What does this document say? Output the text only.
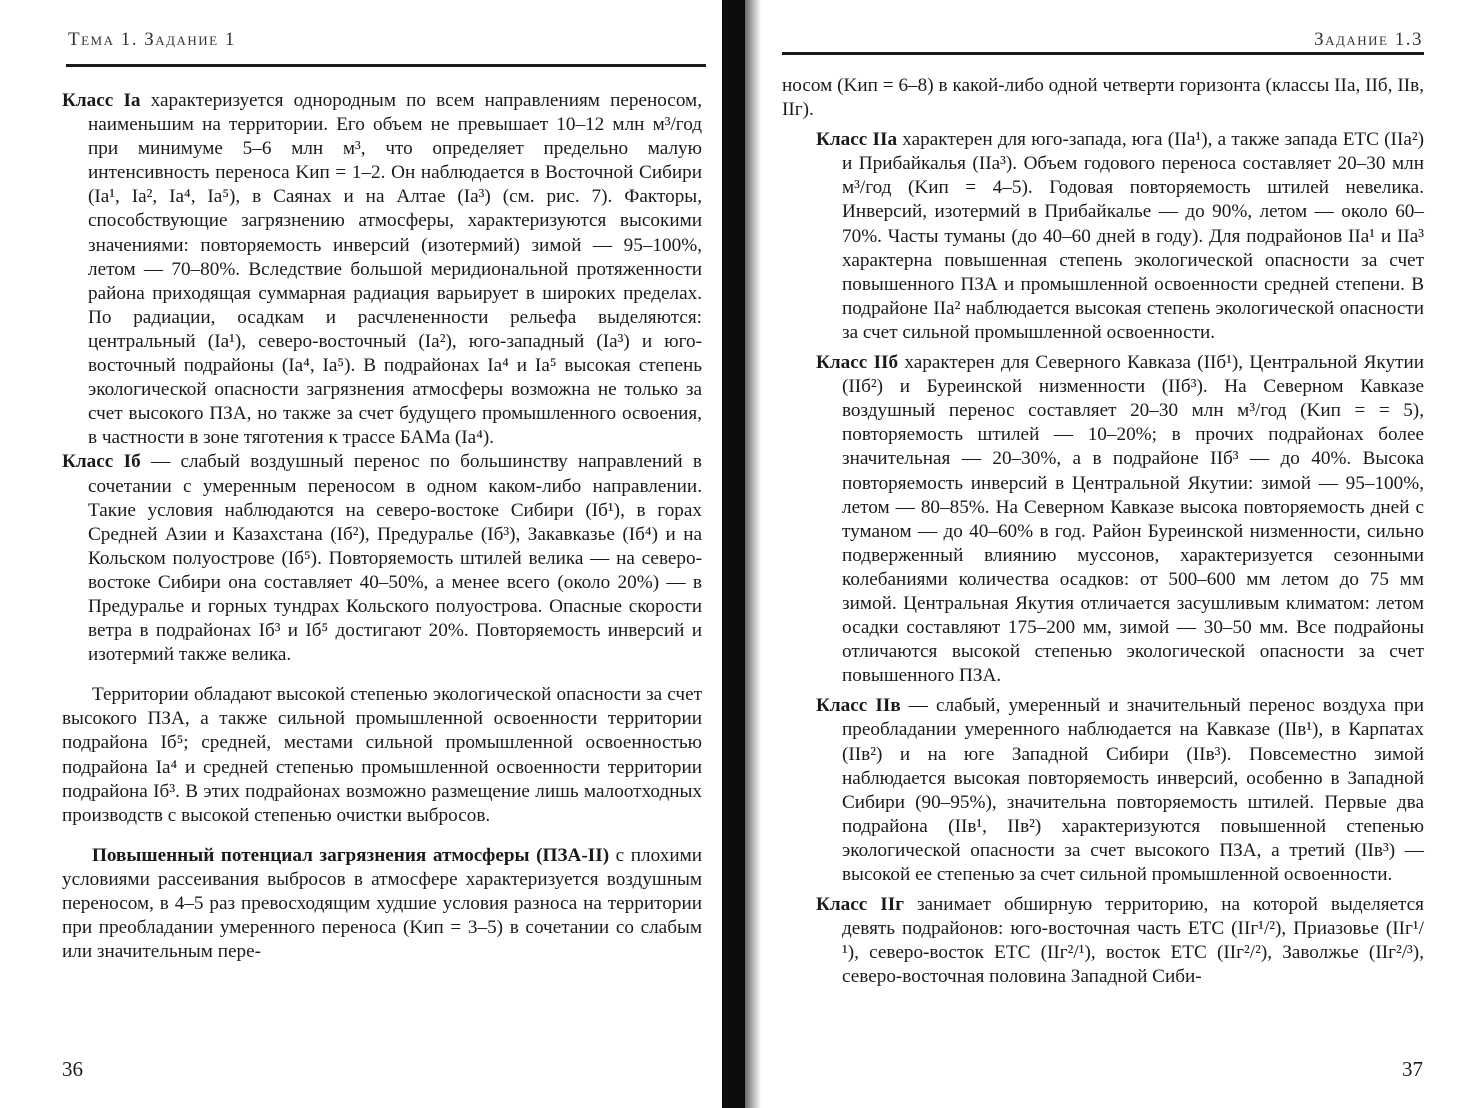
Тема 1. Задание 1

Класс Ia характеризуется однородным по всем направлениям переносом, наименьшим на территории. Его объем не превышает 10–12 млн м³/год при минимуме 5–6 млн м³, что определяет предельно малую интенсивность переноса Kип = 1–2. Он наблюдается в Восточной Сибири (Ia¹, Ia², Ia⁴, Ia⁵), в Саянах и на Алтае (Ia³) (см. рис. 7). Факторы, способствующие загрязнению атмосферы, характеризуются высокими значениями: повторяемость инверсий (изотермий) зимой — 95–100%, летом — 70–80%. Вследствие большой меридиональной протяженности района приходящая суммарная радиация варьирует в широких пределах. По радиации, осадкам и расчлененности рельефа выделяются: центральный (Ia¹), северо-восточный (Ia²), юго-западный (Ia³) и юго-восточный подрайоны (Ia⁴, Ia⁵). В подрайонах Ia⁴ и Ia⁵ высокая степень экологической опасности загрязнения атмосферы возможна не только за счет высокого ПЗА, но также за счет будущего промышленного освоения, в частности в зоне тяготения к трассе БАМа (Ia⁴).

Класс Iб — слабый воздушный перенос по большинству направлений в сочетании с умеренным переносом в одном каком-либо направлении. Такие условия наблюдаются на северо-востоке Сибири (Iб¹), в горах Средней Азии и Казахстана (Iб²), Предуралье (Iб³), Закавказье (Iб⁴) и на Кольском полуострове (Iб⁵). Повторяемость штилей велика — на северо-востоке Сибири она составляет 40–50%, а менее всего (около 20%) — в Предуралье и горных тундрах Кольского полуострова. Опасные скорости ветра в подрайонах Iб³ и Iб⁵ достигают 20%. Повторяемость инверсий и изотермий также велика.

Территории обладают высокой степенью экологической опасности за счет высокого ПЗА, а также сильной промышленной освоенности территории подрайона Iб⁵; средней, местами сильной промышленной освоенностью подрайона Ia⁴ и средней степенью промышленной освоенности территории подрайона Iб³. В этих подрайонах возможно размещение лишь малоотходных производств с высокой степенью очистки выбросов.

Повышенный потенциал загрязнения атмосферы (ПЗА-II) с плохими условиями рассеивания выбросов в атмосфере характеризуется воздушным переносом, в 4–5 раз превосходящим худшие условия разноса на территории при преобладании умеренного переноса (Kип = 3–5) в сочетании со слабым или значительным пере-

36
Задание 1.3

носом (Kип = 6–8) в какой-либо одной четверти горизонта (классы IIa, IIб, IIв, IIг).

Класс IIa характерен для юго-запада, юга (IIa¹), а также запада ЕТС (IIa²) и Прибайкалья (IIa³). Объем годового переноса составляет 20–30 млн м³/год (Kип = 4–5). Годовая повторяемость штилей невелика. Инверсий, изотермий в Прибайкалье — до 90%, летом — около 60–70%. Часты туманы (до 40–60 дней в году). Для подрайонов IIa¹ и IIa³ характерна повышенная степень экологической опасности за счет повышенного ПЗА и промышленной освоенности средней степени. В подрайоне IIa² наблюдается высокая степень экологической опасности за счет сильной промышленной освоенности.

Класс IIб характерен для Северного Кавказа (IIб¹), Центральной Якутии (IIб²) и Буреинской низменности (IIб³). На Северном Кавказе воздушный перенос составляет 20–30 млн м³/год (Kип = = 5), повторяемость штилей — 10–20%; в прочих подрайонах более значительная — 20–30%, а в подрайоне IIб³ — до 40%. Высока повторяемость инверсий в Центральной Якутии: зимой — 95–100%, летом — 80–85%. На Северном Кавказе высока повторяемость дней с туманом — до 40–60% в год. Район Буреинской низменности, сильно подверженный влиянию муссонов, характеризуется сезонными колебаниями количества осадков: от 500–600 мм летом до 75 мм зимой. Центральная Якутия отличается засушливым климатом: летом осадки составляют 175–200 мм, зимой — 30–50 мм. Все подрайоны отличаются высокой степенью экологической опасности за счет повышенного ПЗА.

Класс IIв — слабый, умеренный и значительный перенос воздуха при преобладании умеренного наблюдается на Кавказе (IIв¹), в Карпатах (IIв²) и на юге Западной Сибири (IIв³). Повсеместно зимой наблюдается высокая повторяемость инверсий, особенно в Западной Сибири (90–95%), значительна повторяемость штилей. Первые два подрайона (IIв¹, IIв²) характеризуются повышенной степенью экологической опасности за счет высокого ПЗА, а третий (IIв³) — высокой ее степенью за счет сильной промышленной освоенности.

Класс IIг занимает обширную территорию, на которой выделяется девять подрайонов: юго-восточная часть ЕТС (IIг¹/²), Приазовье (IIг¹/¹), северо-восток ЕТС (IIг²/¹), восток ЕТС (IIг²/²), Заволжье (IIг²/³), северо-восточная половина Западной Сиби-

37
